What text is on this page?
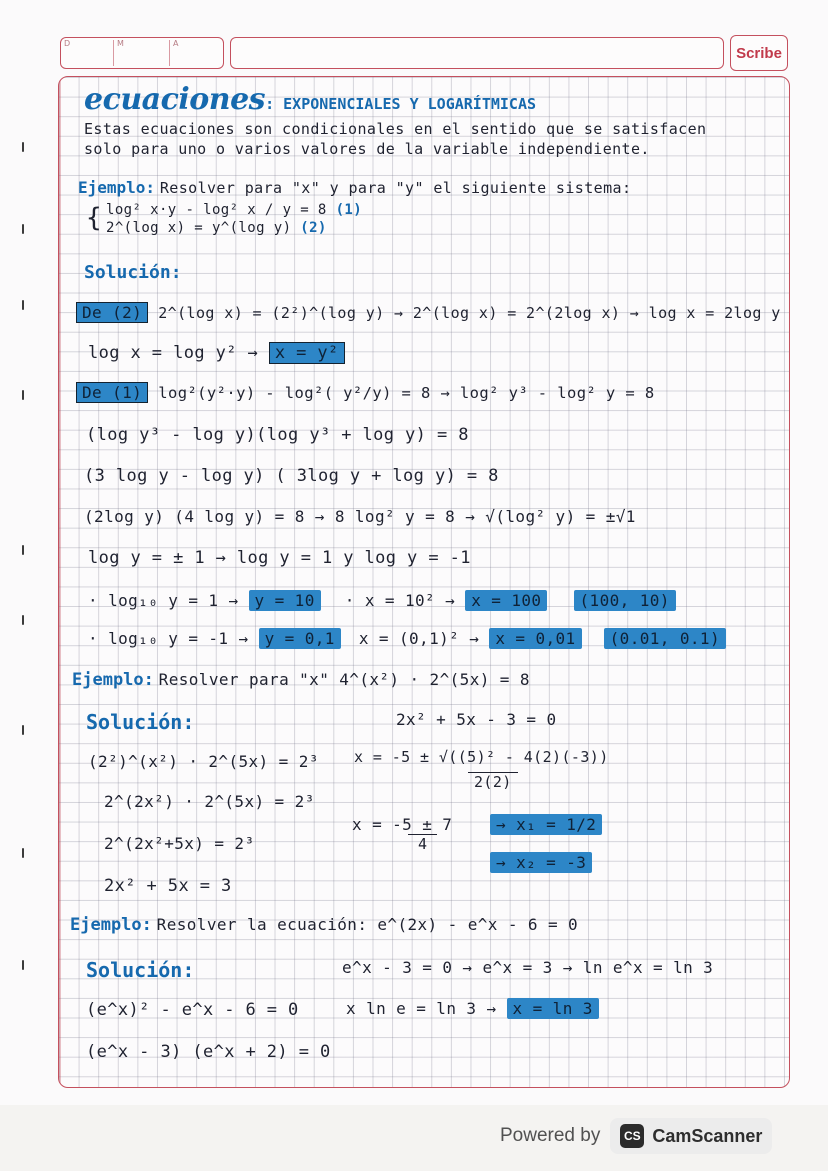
D	M	A
Scribe
ecuaciones: EXPONENCIALES Y LOGARÍTMICAS
Estas ecuaciones son condicionales en el sentido que se satisfacen
solo para uno o varios valores de la variable independiente.
Ejemplo: Resolver para "x" y para "y" el siguiente sistema:
{ log² x·y - log² x / y = 8 (1)
2^(log x) = y^(log y) (2)
Solución:
De (2) 2^(log x) = (2²)^(log y) → 2^(log x) = 2^(2log x) → log x = 2log y
log x = log y² → x = y²
De (1) log²(y²·y) - log²( y²/y) = 8 → log² y³ - log² y = 8
(log y³ - log y)(log y³ + log y) = 8
(3 log y - log y) ( 3log y + log y) = 8
(2log y) (4 log y) = 8 → 8 log² y = 8 → √(log² y) = ±√1
log y = ± 1 → log y = 1 y log y = -1
· log₁₀ y = 1 → y = 10 · x = 10² → x = 100 (100, 10)
· log₁₀ y = -1 → y = 0,1 x = (0,1)² → x = 0,01 (0.01, 0.1)
Ejemplo: Resolver para "x" 4^(x²) · 2^(5x) = 8
Solución:	2x² + 5x - 3 = 0
(2²)^(x²) · 2^(5x) = 2³ x = -5 ± √((5)² - 4(2)(-3))
2(2)
2^(2x²) · 2^(5x) = 2³
x = -5 ± 7
4
→ x₁ = 1/2
2^(2x²+5x) = 2³
→ x₂ = -3
2x² + 5x = 3
Ejemplo: Resolver la ecuación: e^(2x) - e^x - 6 = 0
Solución:	e^x - 3 = 0 → e^x = 3 → ln e^x = ln 3
(e^x)² - e^x - 6 = 0	x ln e = ln 3 → x = ln 3
(e^x - 3) (e^x + 2) = 0
Powered by	CS CamScanner
